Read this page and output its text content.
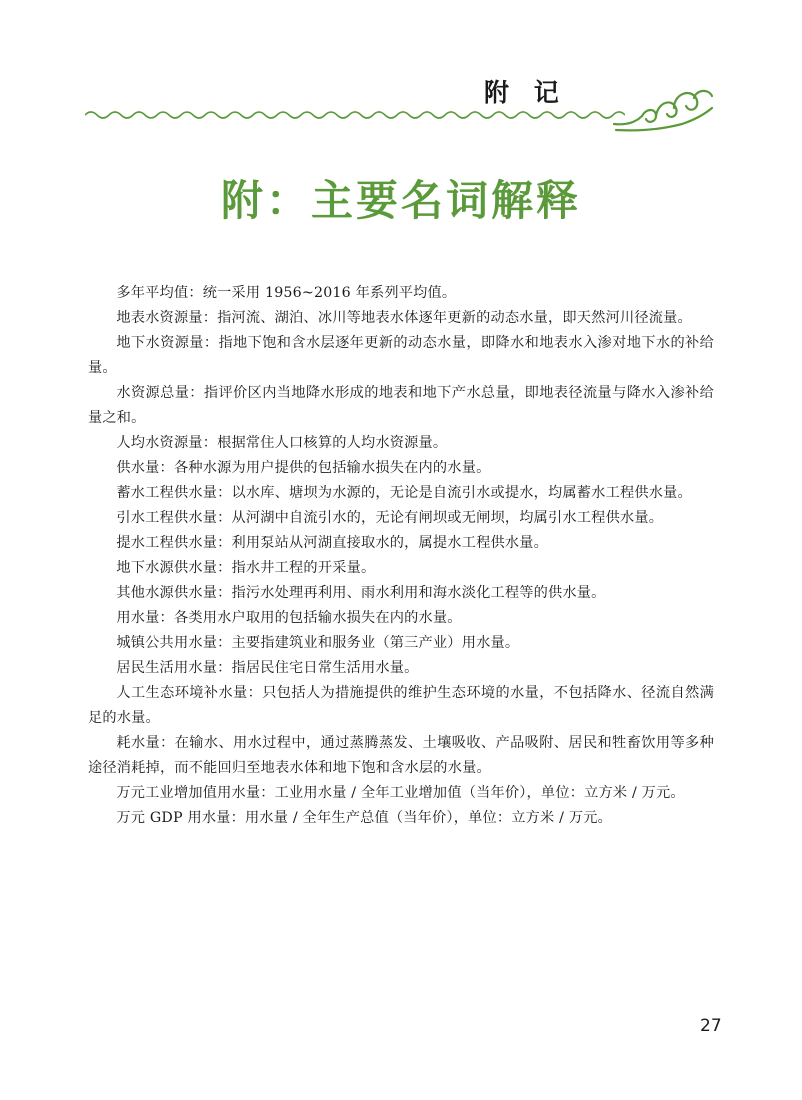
附 记
附：主要名词解释

多年平均值：统一采用 1956~2016 年系列平均值。

地表水资源量：指河流、湖泊、冰川等地表水体逐年更新的动态水量，即天然河川径流量。

地下水资源量：指地下饱和含水层逐年更新的动态水量，即降水和地表水入渗对地下水的补给量。

水资源总量：指评价区内当地降水形成的地表和地下产水总量，即地表径流量与降水入渗补给量之和。

人均水资源量：根据常住人口核算的人均水资源量。

供水量：各种水源为用户提供的包括输水损失在内的水量。

蓄水工程供水量：以水库、塘坝为水源的，无论是自流引水或提水，均属蓄水工程供水量。

引水工程供水量：从河湖中自流引水的，无论有闸坝或无闸坝，均属引水工程供水量。

提水工程供水量：利用泵站从河湖直接取水的，属提水工程供水量。

地下水源供水量：指水井工程的开采量。

其他水源供水量：指污水处理再利用、雨水利用和海水淡化工程等的供水量。

用水量：各类用水户取用的包括输水损失在内的水量。

城镇公共用水量：主要指建筑业和服务业（第三产业）用水量。

居民生活用水量：指居民住宅日常生活用水量。

人工生态环境补水量：只包括人为措施提供的维护生态环境的水量，不包括降水、径流自然满足的水量。

耗水量：在输水、用水过程中，通过蒸腾蒸发、土壤吸收、产品吸附、居民和牲畜饮用等多种途径消耗掉，而不能回归至地表水体和地下饱和含水层的水量。

万元工业增加值用水量：工业用水量 / 全年工业增加值（当年价），单位：立方米 / 万元。

万元 GDP 用水量：用水量 / 全年生产总值（当年价），单位：立方米 / 万元。

27
